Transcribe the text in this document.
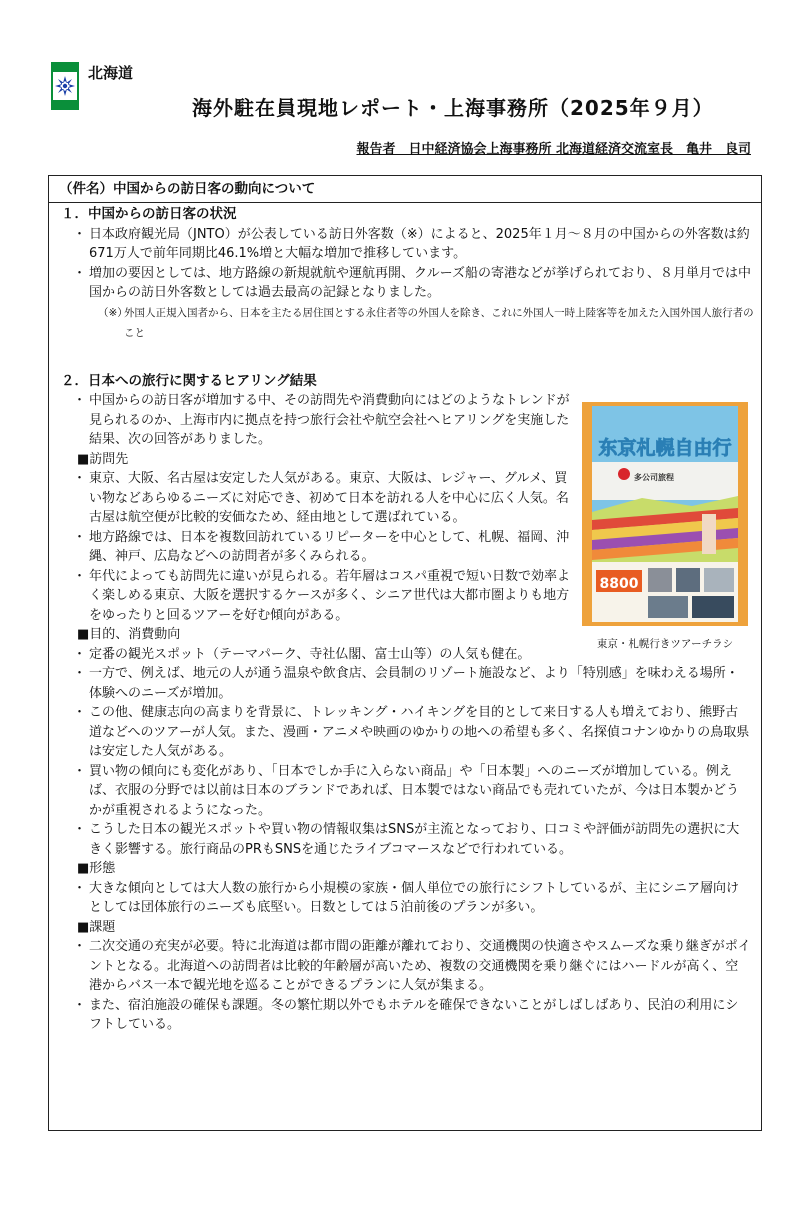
北海道
海外駐在員現地レポート・上海事務所（2025年９月）
報告者　日中経済協会上海事務所 北海道経済交流室長　亀井　良司
（件名）中国からの訪日客の動向について
１．中国からの訪日客の状況
・ 日本政府観光局（JNTO）が公表している訪日外客数（※）によると、2025年１月～８月の中国からの外客数は約671万人で前年同期比46.1%増と大幅な増加で推移しています。
・ 増加の要因としては、地方路線の新規就航や運航再開、クルーズ船の寄港などが挙げられており、８月単月では中国からの訪日外客数としては過去最高の記録となりました。
（※）
外国人正規入国者から、日本を主たる居住国とする永住者等の外国人を除き、これに外国人一時上陸客等を加えた入国外国人旅行者のこと
２．日本への旅行に関するヒアリング結果
・ 中国からの訪日客が増加する中、その訪問先や消費動向にはどのようなトレンドが見られるのか、上海市内に拠点を持つ旅行会社や航空会社へヒアリングを実施した結果、次の回答がありました。
■訪問先
・ 東京、大阪、名古屋は安定した人気がある。東京、大阪は、レジャー、グルメ、買い物などあらゆるニーズに対応でき、初めて日本を訪れる人を中心に広く人気。名古屋は航空便が比較的安価なため、経由地として選ばれている。
・ 地方路線では、日本を複数回訪れているリピーターを中心として、札幌、福岡、沖縄、神戸、広島などへの訪問者が多くみられる。
・ 年代によっても訪問先に違いが見られる。若年層はコスパ重視で短い日数で効率よく楽しめる東京、大阪を選択するケースが多く、シニア世代は大都市圏よりも地方をゆったりと回るツアーを好む傾向がある。
■目的、消費動向
・ 定番の観光スポット（テーマパーク、寺社仏閣、富士山等）の人気も健在。
・ 一方で、例えば、地元の人が通う温泉や飲食店、会員制のリゾート施設など、より「特別感」を味わえる場所・体験へのニーズが増加。
・ この他、健康志向の高まりを背景に、トレッキング・ハイキングを目的として来日する人も増えており、熊野古道などへのツアーが人気。また、漫画・アニメや映画のゆかりの地への希望も多く、名探偵コナンゆかりの鳥取県は安定した人気がある。
・ 買い物の傾向にも変化があり、「日本でしか手に入らない商品」や「日本製」へのニーズが増加している。例えば、衣服の分野では以前は日本のブランドであれば、日本製ではない商品でも売れていたが、今は日本製かどうかが重視されるようになった。
・ こうした日本の観光スポットや買い物の情報収集はSNSが主流となっており、口コミや評価が訪問先の選択に大きく影響する。旅行商品のPRもSNSを通じたライブコマースなどで行われている。
■形態
・ 大きな傾向としては大人数の旅行から小規模の家族・個人単位での旅行にシフトしているが、主にシニア層向けとしては団体旅行のニーズも底堅い。日数としては５泊前後のプランが多い。
■課題
・ 二次交通の充実が必要。特に北海道は都市間の距離が離れており、交通機関の快適さやスムーズな乗り継ぎがポイントとなる。北海道への訪問者は比較的年齢層が高いため、複数の交通機関を乗り継ぐにはハードルが高く、空港からバス一本で観光地を巡ることができるプランに人気が集まる。
・ また、宿泊施設の確保も課題。冬の繁忙期以外でもホテルを確保できないことがしばしばあり、民泊の利用にシフトしている。
东京札幌自由行
多公司旅程
8800
東京・札幌行きツアーチラシ
